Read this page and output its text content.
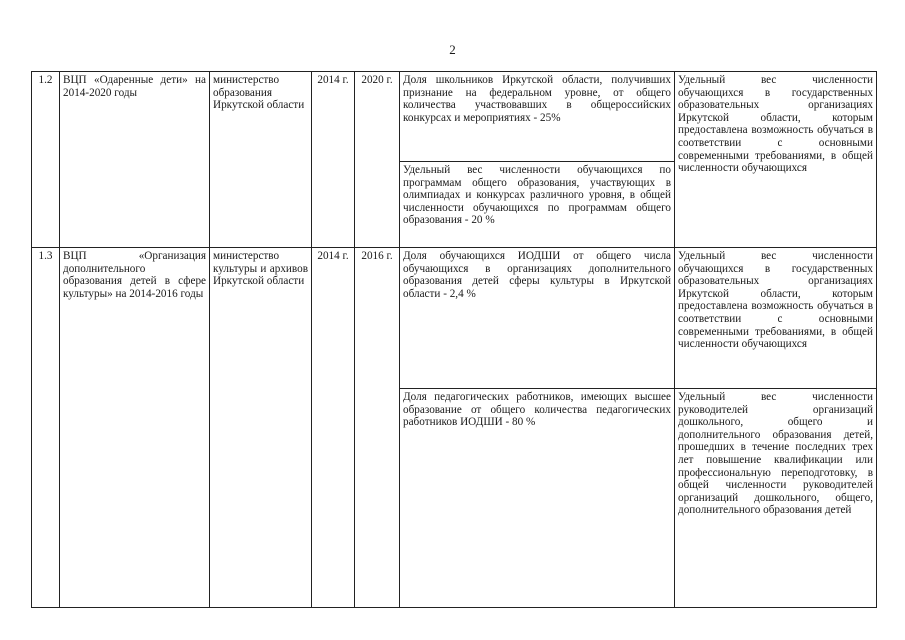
2
1.2	ВЦП «Одаренные дети» на 2014-2020 годы	министерство образования Иркутской области	2014 г.	2020 г.	Доля школьников Иркутской области, получивших признание на федеральном уровне, от общего количества участвовавших в общероссийских конкурсах и мероприятиях - 25%	Удельный вес численности обучающихся в государственных образовательных организациях Иркутской области, которым предоставлена возможность обучаться в соответствии с основными современными требованиями, в общей численности обучающихся
					Удельный вес численности обучающихся по программам общего образования, участвующих в олимпиадах и конкурсах различного уровня, в общей численности обучающихся по программам общего образования - 20 %	
1.3	ВЦП «Организация дополнительного образования детей в сфере культуры» на 2014-2016 годы	министерство культуры и архивов Иркутской области	2014 г.	2016 г.	Доля обучающихся ИОДШИ от общего числа обучающихся в организациях дополнительного образования детей сферы культуры в Иркутской области - 2,4 %	Удельный вес численности обучающихся в государственных образовательных организациях Иркутской области, которым предоставлена возможность обучаться в соответствии с основными современными требованиями, в общей численности обучающихся
					Доля педагогических работников, имеющих высшее образование от общего количества педагогических работников ИОДШИ - 80 %	Удельный вес численности руководителей организаций дошкольного, общего и дополнительного образования детей, прошедших в течение последних трех лет повышение квалификации или профессиональную переподготовку, в общей численности руководителей организаций дошкольного, общего, дополнительного образования детей
